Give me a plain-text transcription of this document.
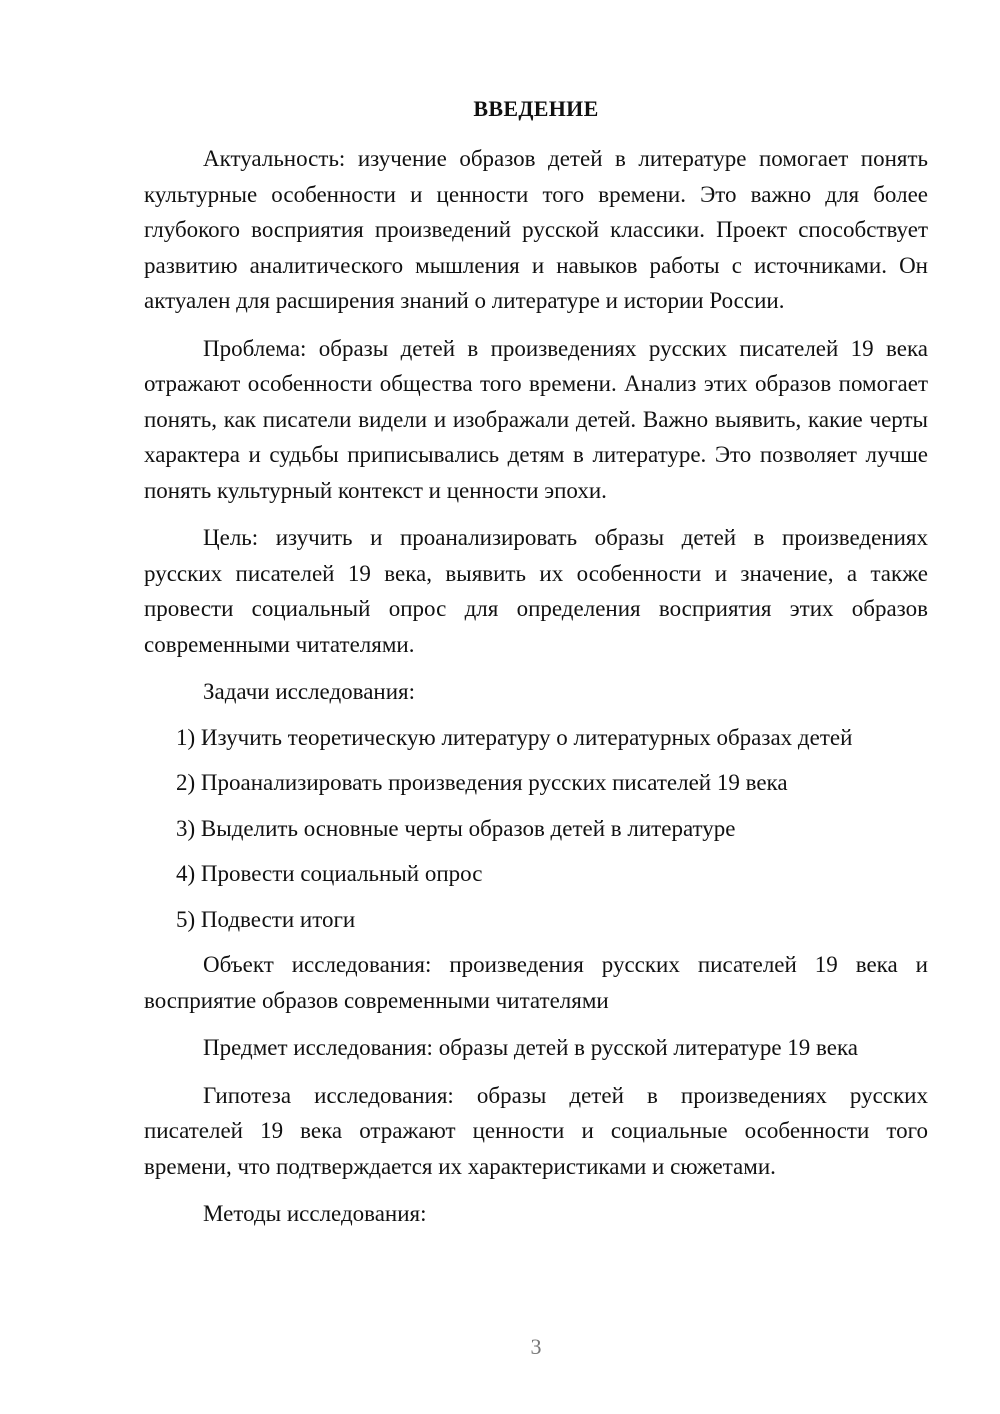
ВВЕДЕНИЕ

Актуальность: изучение образов детей в литературе помогает понять культурные особенности и ценности того времени. Это важно для более глубокого восприятия произведений русской классики. Проект способствует развитию аналитического мышления и навыков работы с источниками. Он актуален для расширения знаний о литературе и истории России.

Проблема: образы детей в произведениях русских писателей 19 века отражают особенности общества того времени. Анализ этих образов помогает понять, как писатели видели и изображали детей. Важно выявить, какие черты характера и судьбы приписывались детям в литературе. Это позволяет лучше понять культурный контекст и ценности эпохи.

Цель: изучить и проанализировать образы детей в произведениях русских писателей 19 века, выявить их особенности и значение, а также провести социальный опрос для определения восприятия этих образов современными читателями.

Задачи исследования:

1) Изучить теоретическую литературу о литературных образах детей

2) Проанализировать произведения русских писателей 19 века

3) Выделить основные черты образов детей в литературе

4) Провести социальный опрос

5) Подвести итоги

Объект исследования: произведения русских писателей 19 века и восприятие образов современными читателями

Предмет исследования: образы детей в русской литературе 19 века

Гипотеза исследования: образы детей в произведениях русских писателей 19 века отражают ценности и социальные особенности того времени, что подтверждается их характеристиками и сюжетами.

Методы исследования:

3
